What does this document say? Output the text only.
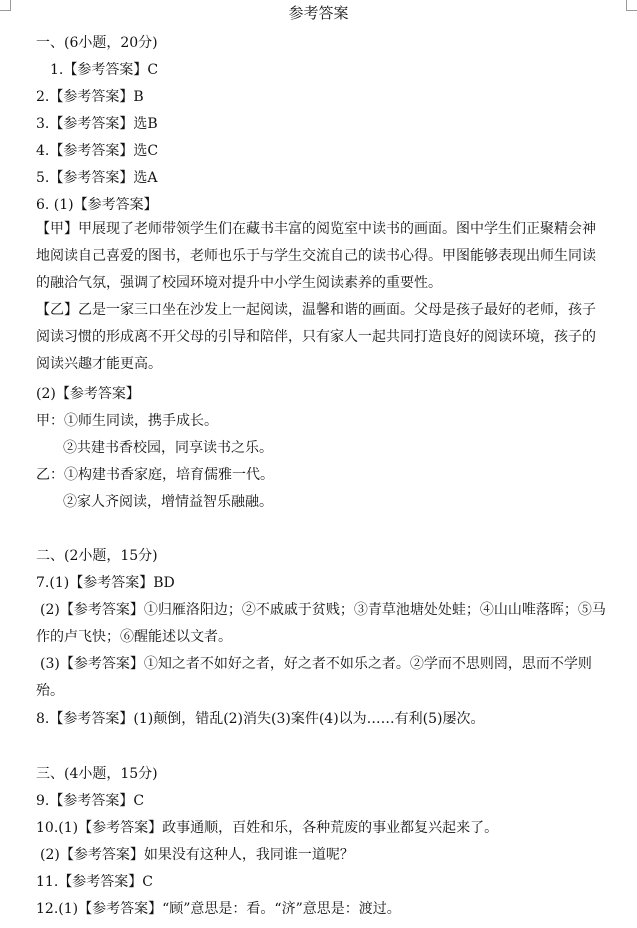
参考答案
一、(6小题，20分)
1.【参考答案】C
2.【参考答案】B
3.【参考答案】选B
4.【参考答案】选C
5.【参考答案】选A
6. (1)【参考答案】
【甲】甲展现了老师带领学生们在藏书丰富的阅览室中读书的画面。图中学生们正聚精会神地阅读自己喜爱的图书，老师也乐于与学生交流自己的读书心得。甲图能够表现出师生同读的融洽气氛，强调了校园环境对提升中小学生阅读素养的重要性。
【乙】乙是一家三口坐在沙发上一起阅读，温馨和谐的画面。父母是孩子最好的老师，孩子阅读习惯的形成离不开父母的引导和陪伴，只有家人一起共同打造良好的阅读环境，孩子的阅读兴趣才能更高。
(2)【参考答案】
甲：①师生同读，携手成长。
②共建书香校园，同享读书之乐。
乙：①构建书香家庭，培育儒雅一代。
②家人齐阅读，增情益智乐融融。
二、(2小题，15分)
7.(1)【参考答案】BD
(2)【参考答案】①归雁洛阳边；②不戚戚于贫贱；③青草池塘处处蛙；④山山唯落晖；⑤马作的卢飞快；⑥醒能述以文者。
(3)【参考答案】①知之者不如好之者，好之者不如乐之者。②学而不思则罔，思而不学则殆。
8.【参考答案】(1)颠倒，错乱(2)消失(3)案件(4)以为……有利(5)屡次。
三、(4小题，15分)
9.【参考答案】C
10.(1)【参考答案】政事通顺，百姓和乐，各种荒废的事业都复兴起来了。
(2)【参考答案】如果没有这种人，我同谁一道呢？
11.【参考答案】C
12.(1)【参考答案】“顾”意思是：看。“济”意思是：渡过。
